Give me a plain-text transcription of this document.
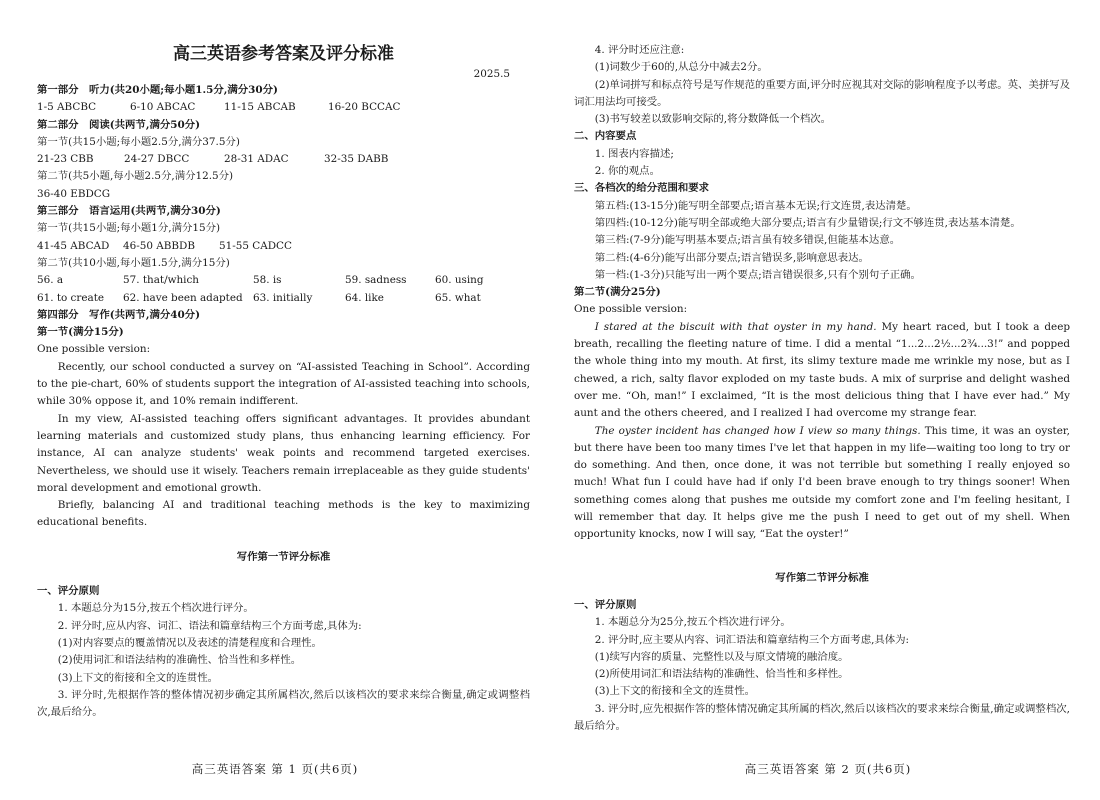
高三英语参考答案及评分标准
2025.5
第一部分　听力(共20小题;每小题1.5分,满分30分)
1-5 ABCBC	6-10 ABCAC	11-15 ABCAB	16-20 BCCAC
第二部分　阅读(共两节,满分50分)
第一节(共15小题;每小题2.5分,满分37.5分)
21-23 CBB	24-27 DBCC	28-31 ADAC	32-35 DABB
第二节(共5小题,每小题2.5分,满分12.5分)
36-40 EBDCG
第三部分　语言运用(共两节,满分30分)
第一节(共15小题;每小题1分,满分15分)
41-45 ABCAD	46-50 ABBDB	51-55 CADCC
第二节(共10小题,每小题1.5分,满分15分)
56. a	57. that/which	58. is	59. sadness	60. using
61. to create	62. have been adapted 63. initially	64. like	65. what
第四部分　写作(共两节,满分40分)
第一节(满分15分)
One possible version:
Recently, our school conducted a survey on “AI-assisted Teaching in School”. According to the pie-chart, 60% of students support the integration of AI-assisted teaching into schools, while 30% oppose it, and 10% remain indifferent.
In my view, AI-assisted teaching offers significant advantages. It provides abundant learning materials and customized study plans, thus enhancing learning efficiency. For instance, AI can analyze students' weak points and recommend targeted exercises. Nevertheless, we should use it wisely. Teachers remain irreplaceable as they guide students' moral development and emotional growth.
Briefly, balancing AI and traditional teaching methods is the key to maximizing educational benefits.
写作第一节评分标准
一、评分原则
1. 本题总分为15分,按五个档次进行评分。
2. 评分时,应从内容、词汇、语法和篇章结构三个方面考虑,具体为:
(1)对内容要点的覆盖情况以及表述的清楚程度和合理性。
(2)使用词汇和语法结构的准确性、恰当性和多样性。
(3)上下文的衔接和全文的连贯性。
3. 评分时,先根据作答的整体情况初步确定其所属档次,然后以该档次的要求来综合衡量,确定或调整档次,最后给分。
高三英语答案 第 1 页(共6页)
4. 评分时还应注意:
(1)词数少于60的,从总分中减去2分。
(2)单词拼写和标点符号是写作规范的重要方面,评分时应视其对交际的影响程度予以考虑。英、美拼写及词汇用法均可接受。
(3)书写较差以致影响交际的,将分数降低一个档次。
二、内容要点
1. 图表内容描述;
2. 你的观点。
三、各档次的给分范围和要求
第五档:(13-15分)能写明全部要点;语言基本无误;行文连贯,表达清楚。
第四档:(10-12分)能写明全部或绝大部分要点;语言有少量错误;行文不够连贯,表达基本清楚。
第三档:(7-9分)能写明基本要点;语言虽有较多错误,但能基本达意。
第二档:(4-6分)能写出部分要点;语言错误多,影响意思表达。
第一档:(1-3分)只能写出一两个要点;语言错误很多,只有个别句子正确。
第二节(满分25分)
One possible version:
I stared at the biscuit with that oyster in my hand. My heart raced, but I took a deep breath, recalling the fleeting nature of time. I did a mental “1...2...2½...2¾...3!” and popped the whole thing into my mouth. At first, its slimy texture made me wrinkle my nose, but as I chewed, a rich, salty flavor exploded on my taste buds. A mix of surprise and delight washed over me. “Oh, man!” I exclaimed, “It is the most delicious thing that I have ever had.” My aunt and the others cheered, and I realized I had overcome my strange fear.
The oyster incident has changed how I view so many things. This time, it was an oyster, but there have been too many times I've let that happen in my life—waiting too long to try or do something. And then, once done, it was not terrible but something I really enjoyed so much! What fun I could have had if only I'd been brave enough to try things sooner! When something comes along that pushes me outside my comfort zone and I'm feeling hesitant, I will remember that day. It helps give me the push I need to get out of my shell. When opportunity knocks, now I will say, “Eat the oyster!”
写作第二节评分标准
一、评分原则
1. 本题总分为25分,按五个档次进行评分。
2. 评分时,应主要从内容、词汇语法和篇章结构三个方面考虑,具体为:
(1)续写内容的质量、完整性以及与原文情境的融洽度。
(2)所使用词汇和语法结构的准确性、恰当性和多样性。
(3)上下文的衔接和全文的连贯性。
3. 评分时,应先根据作答的整体情况确定其所属的档次,然后以该档次的要求来综合衡量,确定或调整档次,最后给分。
高三英语答案 第 2 页(共6页)
